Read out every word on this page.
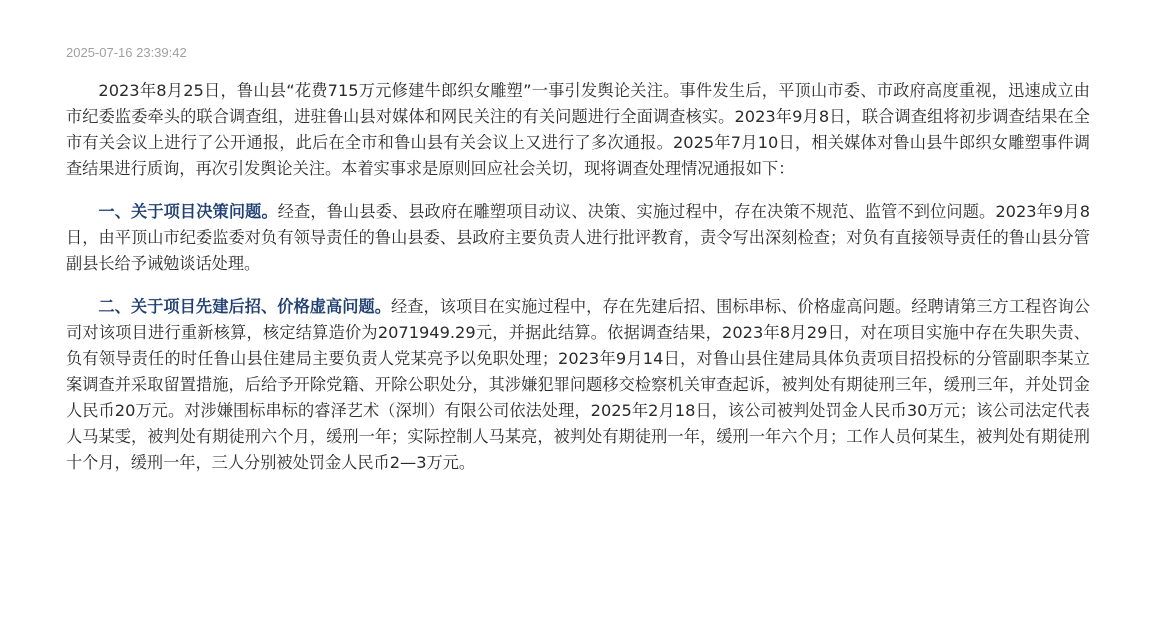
2025-07-16 23:39:42

2023年8月25日，鲁山县“花费715万元修建牛郎织女雕塑”一事引发舆论关注。事件发生后，平顶山市委、市政府高度重视，迅速成立由市纪委监委牵头的联合调查组，进驻鲁山县对媒体和网民关注的有关问题进行全面调查核实。2023年9月8日，联合调查组将初步调查结果在全市有关会议上进行了公开通报，此后在全市和鲁山县有关会议上又进行了多次通报。2025年7月10日，相关媒体对鲁山县牛郎织女雕塑事件调查结果进行质询，再次引发舆论关注。本着实事求是原则回应社会关切，现将调查处理情况通报如下：

一、关于项目决策问题。经查，鲁山县委、县政府在雕塑项目动议、决策、实施过程中，存在决策不规范、监管不到位问题。2023年9月8日，由平顶山市纪委监委对负有领导责任的鲁山县委、县政府主要负责人进行批评教育，责令写出深刻检查；对负有直接领导责任的鲁山县分管副县长给予诫勉谈话处理。

二、关于项目先建后招、价格虚高问题。经查，该项目在实施过程中，存在先建后招、围标串标、价格虚高问题。经聘请第三方工程咨询公司对该项目进行重新核算，核定结算造价为2071949.29元，并据此结算。依据调查结果，2023年8月29日，对在项目实施中存在失职失责、负有领导责任的时任鲁山县住建局主要负责人党某亮予以免职处理；2023年9月14日，对鲁山县住建局具体负责项目招投标的分管副职李某立案调查并采取留置措施，后给予开除党籍、开除公职处分，其涉嫌犯罪问题移交检察机关审查起诉，被判处有期徒刑三年，缓刑三年，并处罚金人民币20万元。对涉嫌围标串标的睿泽艺术（深圳）有限公司依法处理，2025年2月18日，该公司被判处罚金人民币30万元；该公司法定代表人马某雯，被判处有期徒刑六个月，缓刑一年；实际控制人马某亮，被判处有期徒刑一年，缓刑一年六个月；工作人员何某生，被判处有期徒刑十个月，缓刑一年，三人分别被处罚金人民币2—3万元。
